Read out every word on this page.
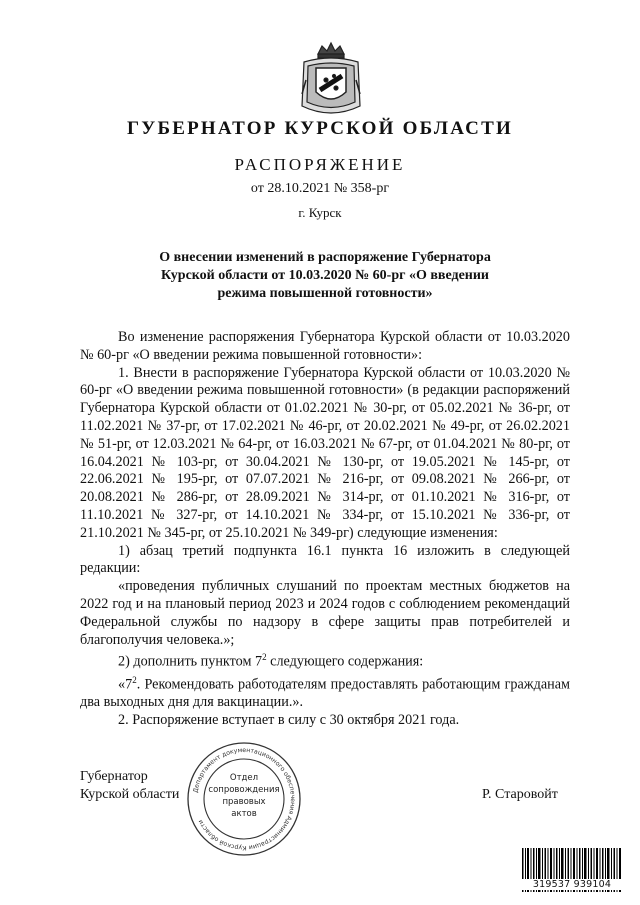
ГУБЕРНАТОР КУРСКОЙ ОБЛАСТИ
РАСПОРЯЖЕНИЕ
от 28.10.2021 № 358-рг
г. Курск
О внесении изменений в распоряжение Губернатора
Курской области от 10.03.2020 № 60-рг «О введении
режима повышенной готовности»

Во изменение распоряжения Губернатора Курской области от 10.03.2020 № 60-рг «О введении режима повышенной готовности»:

1. Внести в распоряжение Губернатора Курской области от 10.03.2020 № 60-рг «О введении режима повышенной готовности» (в редакции распоряжений Губернатора Курской области от 01.02.2021 № 30-рг, от 05.02.2021 № 36-рг, от 11.02.2021 № 37-рг, от 17.02.2021 № 46-рг, от 20.02.2021 № 49-рг, от 26.02.2021 № 51-рг, от 12.03.2021 № 64-рг, от 16.03.2021 № 67-рг, от 01.04.2021 № 80-рг, от 16.04.2021 № 103-рг, от 30.04.2021 № 130-рг, от 19.05.2021 № 145-рг, от 22.06.2021 № 195-рг, от 07.07.2021 № 216-рг, от 09.08.2021 № 266-рг, от 20.08.2021 № 286-рг, от 28.09.2021 № 314-рг, от 01.10.2021 № 316-рг, от 11.10.2021 № 327-рг, от 14.10.2021 № 334-рг, от 15.10.2021 № 336-рг, от 21.10.2021 № 345-рг, от 25.10.2021 № 349-рг) следующие изменения:

1) абзац третий подпункта 16.1 пункта 16 изложить в следующей редакции:

«проведения публичных слушаний по проектам местных бюджетов на 2022 год и на плановый период 2023 и 2024 годов с соблюдением рекомендаций Федеральной службы по надзору в сфере защиты прав потребителей и благополучия человека.»;

2) дополнить пунктом $7^2$ следующего содержания:

«$7^2$. Рекомендовать работодателям предоставлять работающим гражданам два выходных дня для вакцинации.».

2. Распоряжение вступает в силу с 30 октября 2021 года.

Губернатор
Курской области	Р. Старовойт
Департамент документационного обеспечения Администрации Курской области
Отдел
сопровождения
правовых
актов
319537 939104
